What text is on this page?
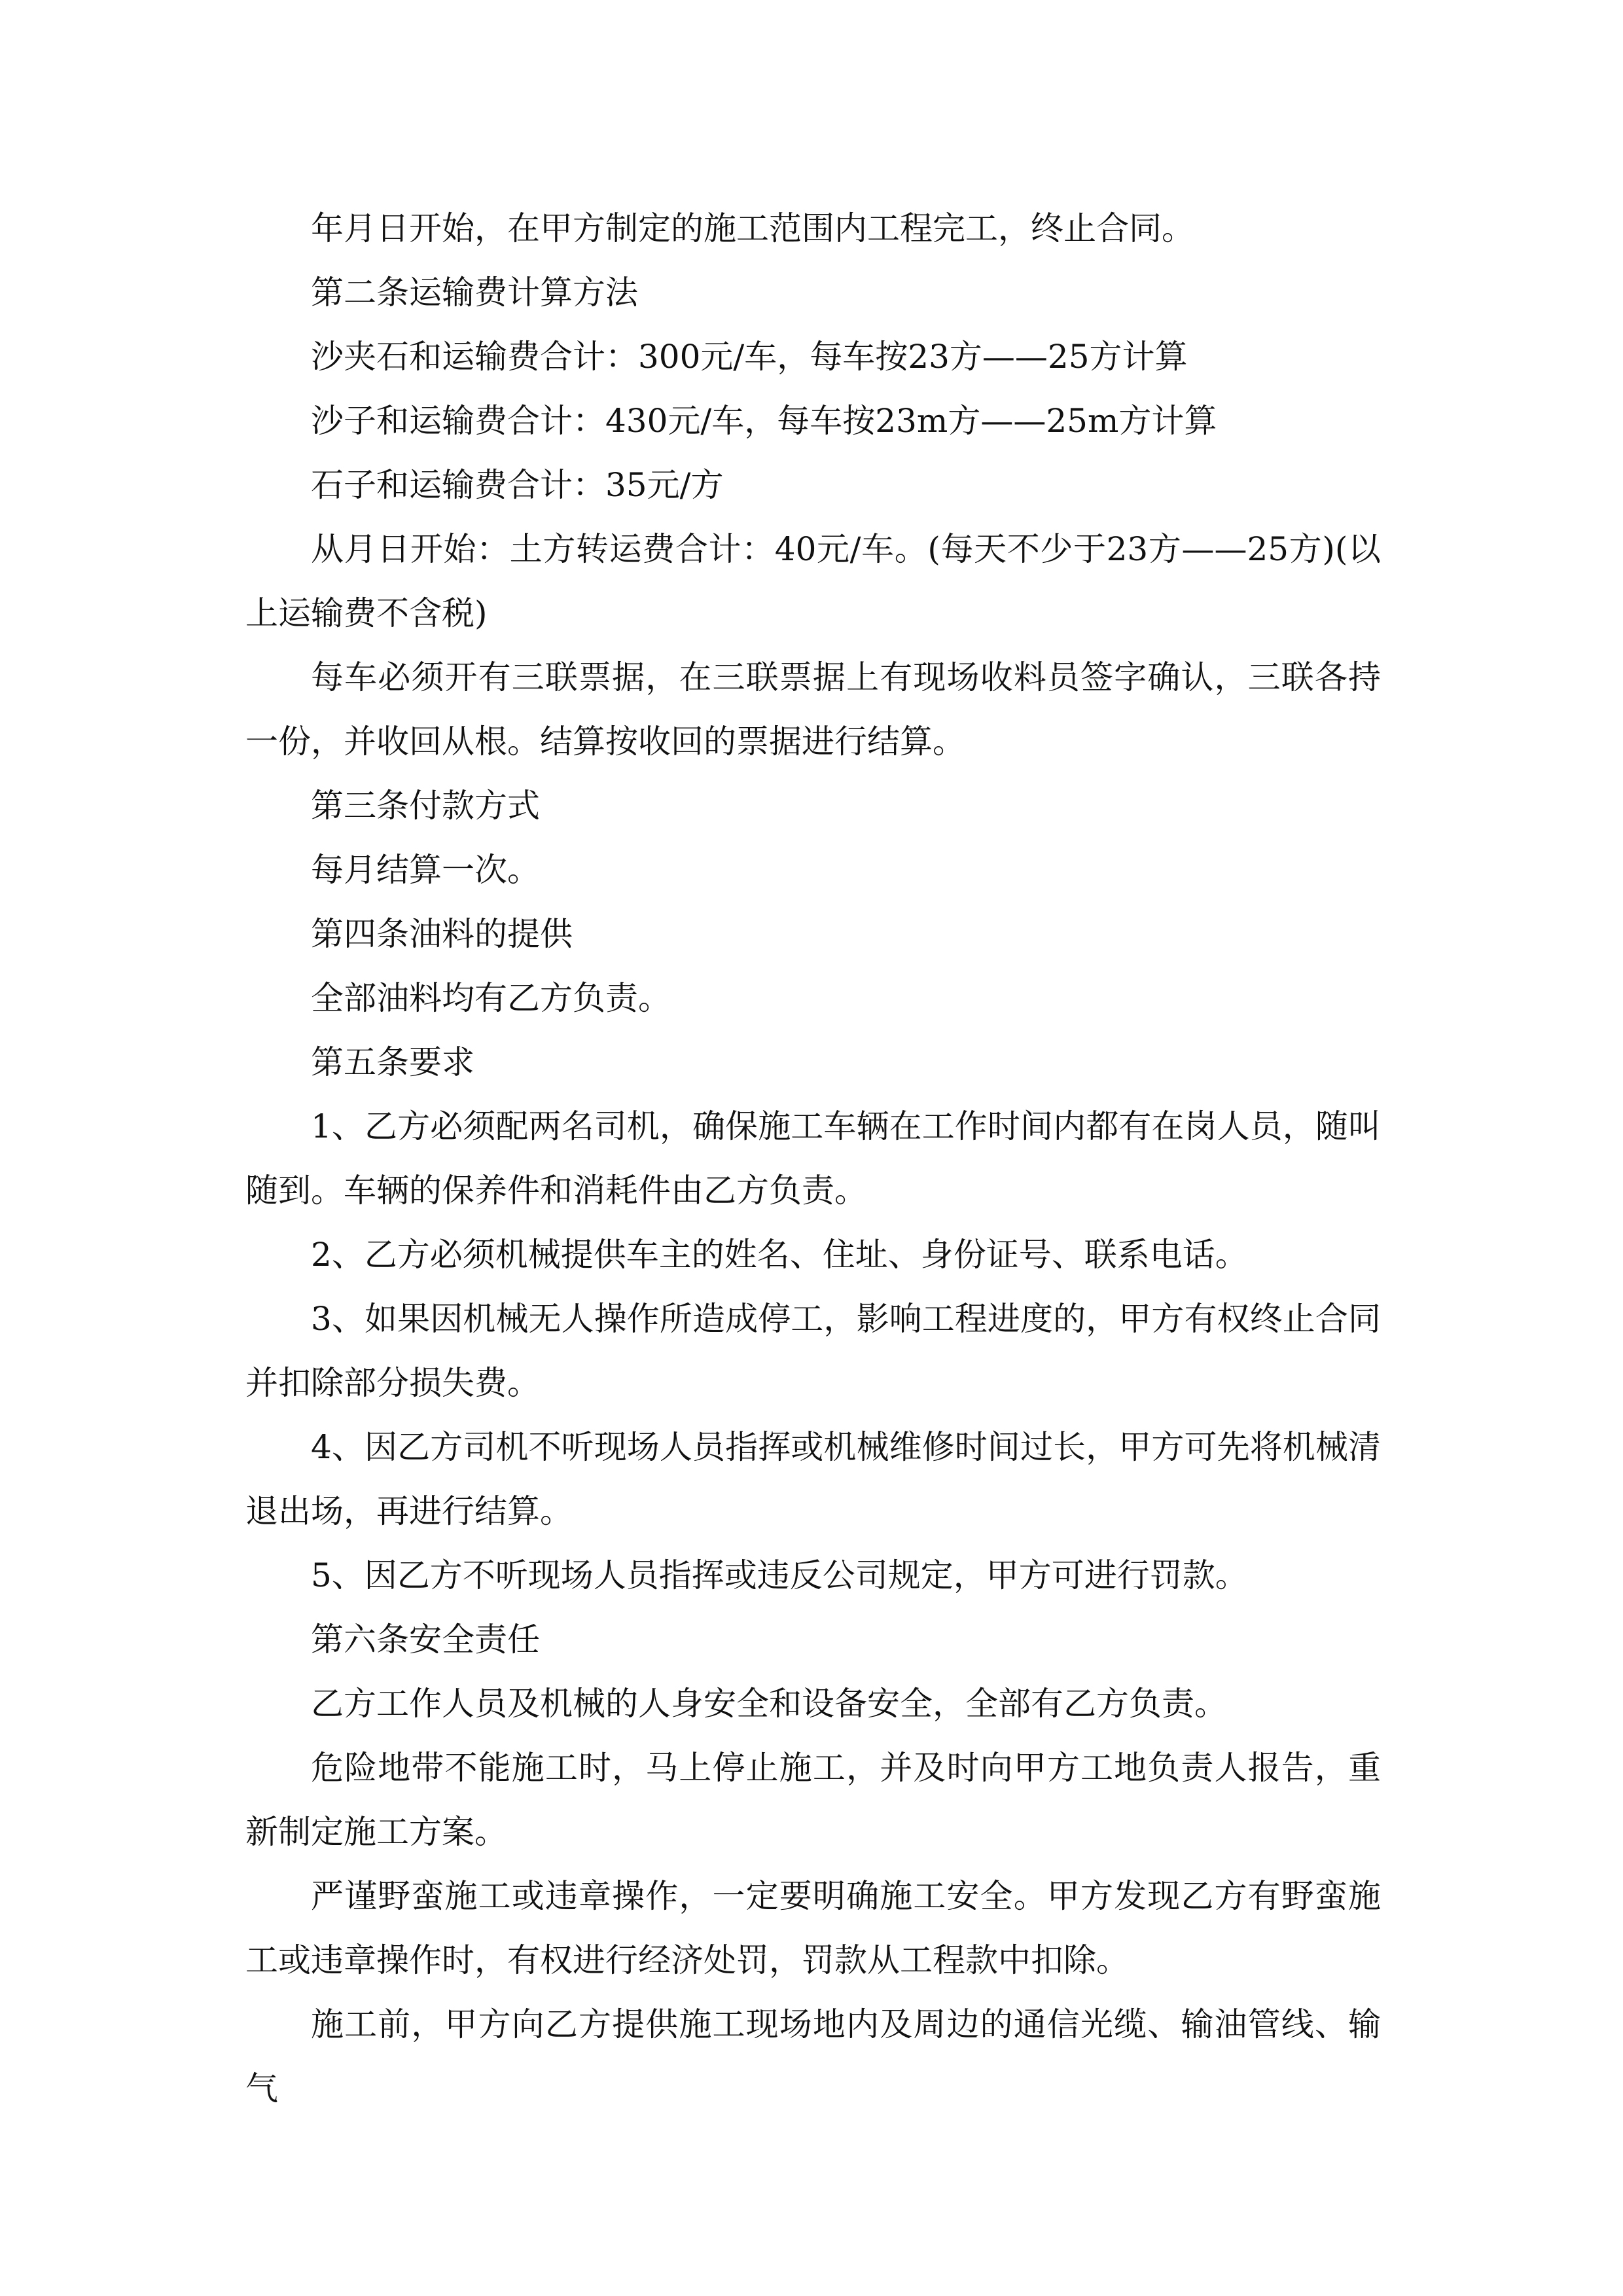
年月日开始，在甲方制定的施工范围内工程完工，终止合同。

第二条运输费计算方法

沙夹石和运输费合计：300元/车，每车按23方——25方计算

沙子和运输费合计：430元/车，每车按23m方——25m方计算

石子和运输费合计：35元/方

从月日开始：土方转运费合计：40元/车。(每天不少于23方——25方)(以上运输费不含税)

每车必须开有三联票据，在三联票据上有现场收料员签字确认，三联各持一份，并收回从根。结算按收回的票据进行结算。

第三条付款方式

每月结算一次。

第四条油料的提供

全部油料均有乙方负责。

第五条要求

1、乙方必须配两名司机，确保施工车辆在工作时间内都有在岗人员，随叫随到。车辆的保养件和消耗件由乙方负责。

2、乙方必须机械提供车主的姓名、住址、身份证号、联系电话。

3、如果因机械无人操作所造成停工，影响工程进度的，甲方有权终止合同并扣除部分损失费。

4、因乙方司机不听现场人员指挥或机械维修时间过长，甲方可先将机械清退出场，再进行结算。

5、因乙方不听现场人员指挥或违反公司规定，甲方可进行罚款。

第六条安全责任

乙方工作人员及机械的人身安全和设备安全，全部有乙方负责。

危险地带不能施工时，马上停止施工，并及时向甲方工地负责人报告，重新制定施工方案。

严谨野蛮施工或违章操作，一定要明确施工安全。甲方发现乙方有野蛮施工或违章操作时，有权进行经济处罚，罚款从工程款中扣除。

施工前，甲方向乙方提供施工现场地内及周边的通信光缆、输油管线、输气
